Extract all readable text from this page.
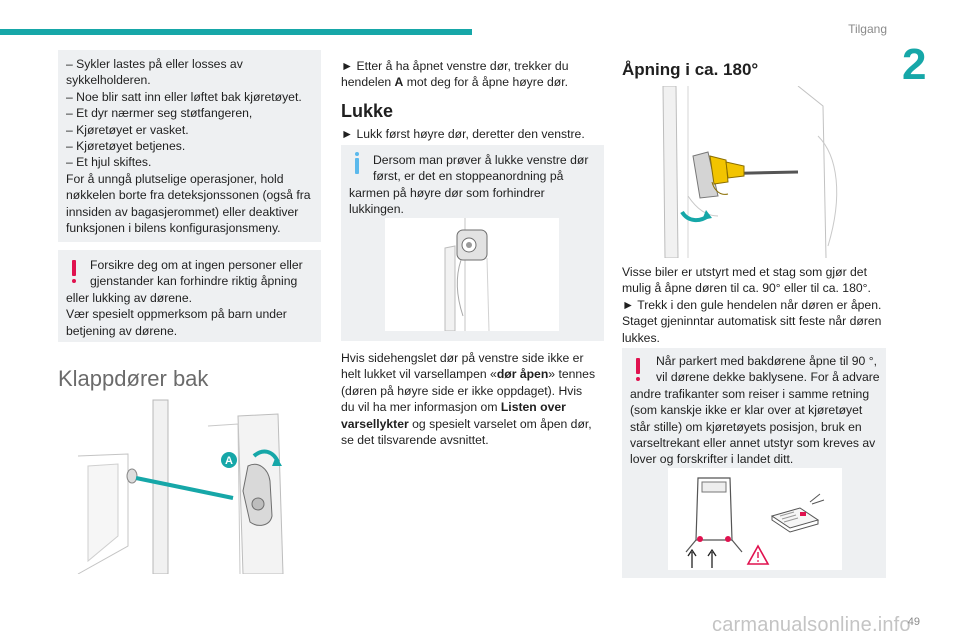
Tilgang
2

– Sykler lastes på eller losses av

sykkelholderen.

– Noe blir satt inn eller løftet bak kjøretøyet.

– Et dyr nærmer seg støtfangeren,

– Kjøretøyet er vasket.

– Kjøretøyet betjenes.

– Et hjul skiftes.

For å unngå plutselige operasjoner, hold

nøkkelen borte fra deteksjonssonen (også fra

innsiden av bagasjerommet) eller deaktiver

funksjonen i bilens konfigurasjonsmeny.

Forsikre deg om at ingen personer eller

gjenstander kan forhindre riktig åpning

eller lukking av dørene.

Vær spesielt oppmerksom på barn under

betjening av dørene.

Klappdører bak
A

► Etter å ha åpnet venstre dør, trekker du

hendelen A mot deg for å åpne høyre dør.

Lukke
► Lukk først høyre dør, deretter den venstre.

Dersom man prøver å lukke venstre dør

først, er det en stoppeanordning på

karmen på høyre dør som forhindrer

lukkingen.

Hvis sidehengslet dør på venstre side ikke er

helt lukket vil varsellampen «dør åpen» tennes

(døren på høyre side er ikke oppdaget). Hvis

du vil ha mer informasjon om Listen over

varsellykter og spesielt varselet om åpen dør,

se det tilsvarende avsnittet.

Åpning i ca. 180°

Visse biler er utstyrt med et stag som gjør det

mulig å åpne døren til ca. 90° eller til ca. 180°.

► Trekk i den gule hendelen når døren er åpen.

Staget gjeninntar automatisk sitt feste når døren

lukkes.

Når parkert med bakdørene åpne til 90 °,

vil dørene dekke baklysene. For å advare

andre trafikanter som reiser i samme retning

(som kanskje ikke er klar over at kjøretøyet

står stille) om kjøretøyets posisjon, bruk en

varseltrekant eller annet utstyr som kreves av

lover og forskrifter i landet ditt.

carmanualsonline.info
49
